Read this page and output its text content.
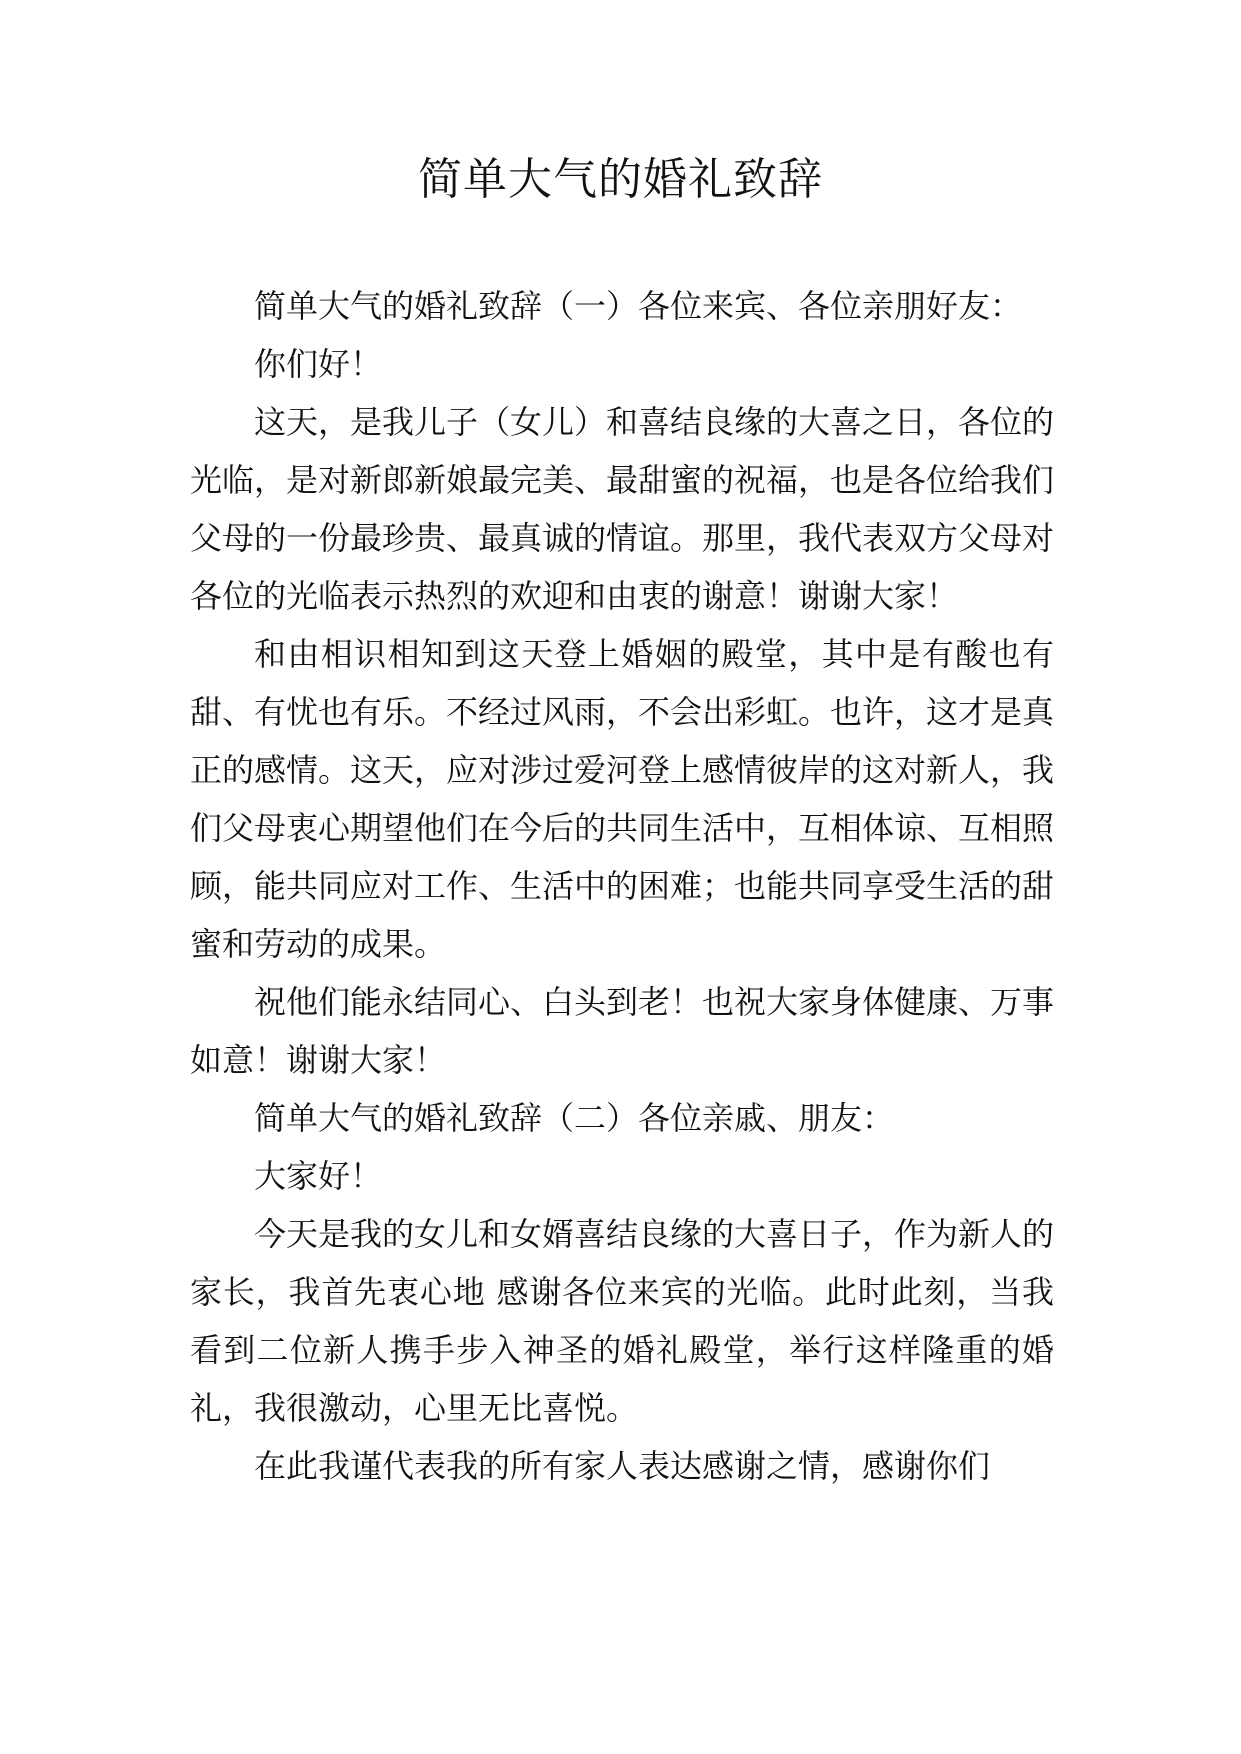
简单大气的婚礼致辞

简单大气的婚礼致辞（一）各位来宾、各位亲朋好友：

你们好！

这天，是我儿子（女儿）和喜结良缘的大喜之日，各位的光临，是对新郎新娘最完美、最甜蜜的祝福，也是各位给我们父母的一份最珍贵、最真诚的情谊。那里，我代表双方父母对各位的光临表示热烈的欢迎和由衷的谢意！谢谢大家！

和由相识相知到这天登上婚姻的殿堂，其中是有酸也有甜、有忧也有乐。不经过风雨，不会出彩虹。也许，这才是真正的感情。这天，应对涉过爱河登上感情彼岸的这对新人，我们父母衷心期望他们在今后的共同生活中，互相体谅、互相照顾，能共同应对工作、生活中的困难；也能共同享受生活的甜蜜和劳动的成果。

祝他们能永结同心、白头到老！也祝大家身体健康、万事如意！谢谢大家！

简单大气的婚礼致辞（二）各位亲戚、朋友：

大家好！

今天是我的女儿和女婿喜结良缘的大喜日子，作为新人的家长，我首先衷心地 感谢各位来宾的光临。此时此刻，当我看到二位新人携手步入神圣的婚礼殿堂，举行这样隆重的婚礼，我很激动，心里无比喜悦。

在此我谨代表我的所有家人表达感谢之情，感谢你们
